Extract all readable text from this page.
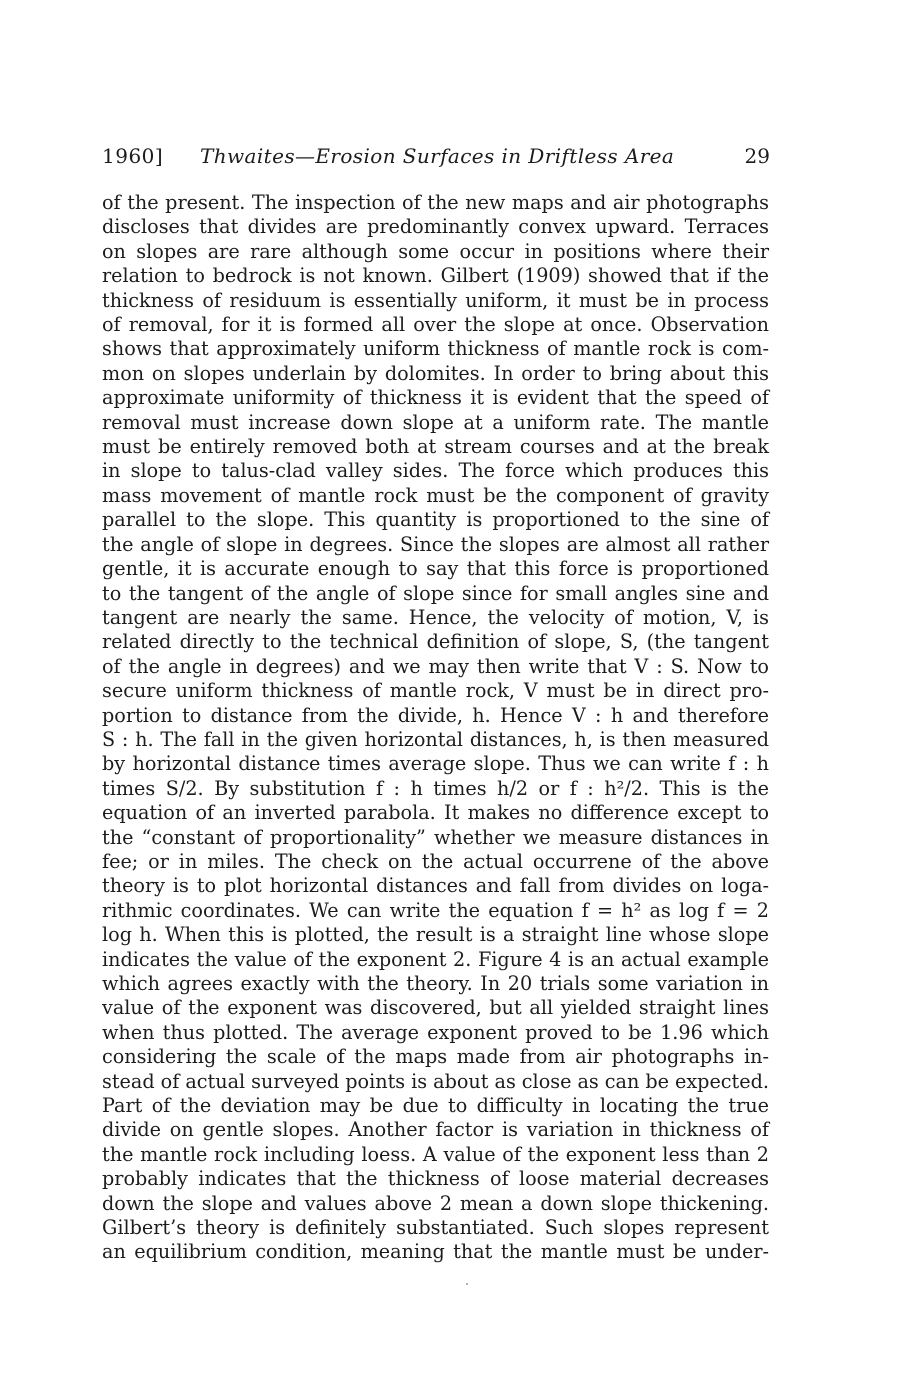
1960] Thwaites—Erosion Surfaces in Driftless Area	29
of the present. The inspection of the new maps and air photographs
discloses that divides are predominantly convex upward. Terraces
on slopes are rare although some occur in positions where their
relation to bedrock is not known. Gilbert (1909) showed that if the
thickness of residuum is essentially uniform, it must be in process
of removal, for it is formed all over the slope at once. Observation
shows that approximately uniform thickness of mantle rock is com-
mon on slopes underlain by dolomites. In order to bring about this
approximate uniformity of thickness it is evident that the speed of
removal must increase down slope at a uniform rate. The mantle
must be entirely removed both at stream courses and at the break
in slope to talus-clad valley sides. The force which produces this
mass movement of mantle rock must be the component of gravity
parallel to the slope. This quantity is proportioned to the sine of
the angle of slope in degrees. Since the slopes are almost all rather
gentle, it is accurate enough to say that this force is proportioned
to the tangent of the angle of slope since for small angles sine and
tangent are nearly the same. Hence, the velocity of motion, V, is
related directly to the technical definition of slope, S, (the tangent
of the angle in degrees) and we may then write that V : S. Now to
secure uniform thickness of mantle rock, V must be in direct pro-
portion to distance from the divide, h. Hence V : h and therefore
S : h. The fall in the given horizontal distances, h, is then measured
by horizontal distance times average slope. Thus we can write f : h
times S/2. By substitution f : h times h/2 or f : h²/2. This is the
equation of an inverted parabola. It makes no difference except to
the “constant of proportionality” whether we measure distances in
fee; or in miles. The check on the actual occurrene of the above
theory is to plot horizontal distances and fall from divides on loga-
rithmic coordinates. We can write the equation f = h² as log f = 2
log h. When this is plotted, the result is a straight line whose slope
indicates the value of the exponent 2. Figure 4 is an actual example
which agrees exactly with the theory. In 20 trials some variation in
value of the exponent was discovered, but all yielded straight lines
when thus plotted. The average exponent proved to be 1.96 which
considering the scale of the maps made from air photographs in-
stead of actual surveyed points is about as close as can be expected.
Part of the deviation may be due to difficulty in locating the true
divide on gentle slopes. Another factor is variation in thickness of
the mantle rock including loess. A value of the exponent less than 2
probably indicates that the thickness of loose material decreases
down the slope and values above 2 mean a down slope thickening.
Gilbert’s theory is definitely substantiated. Such slopes represent
an equilibrium condition, meaning that the mantle must be under-
